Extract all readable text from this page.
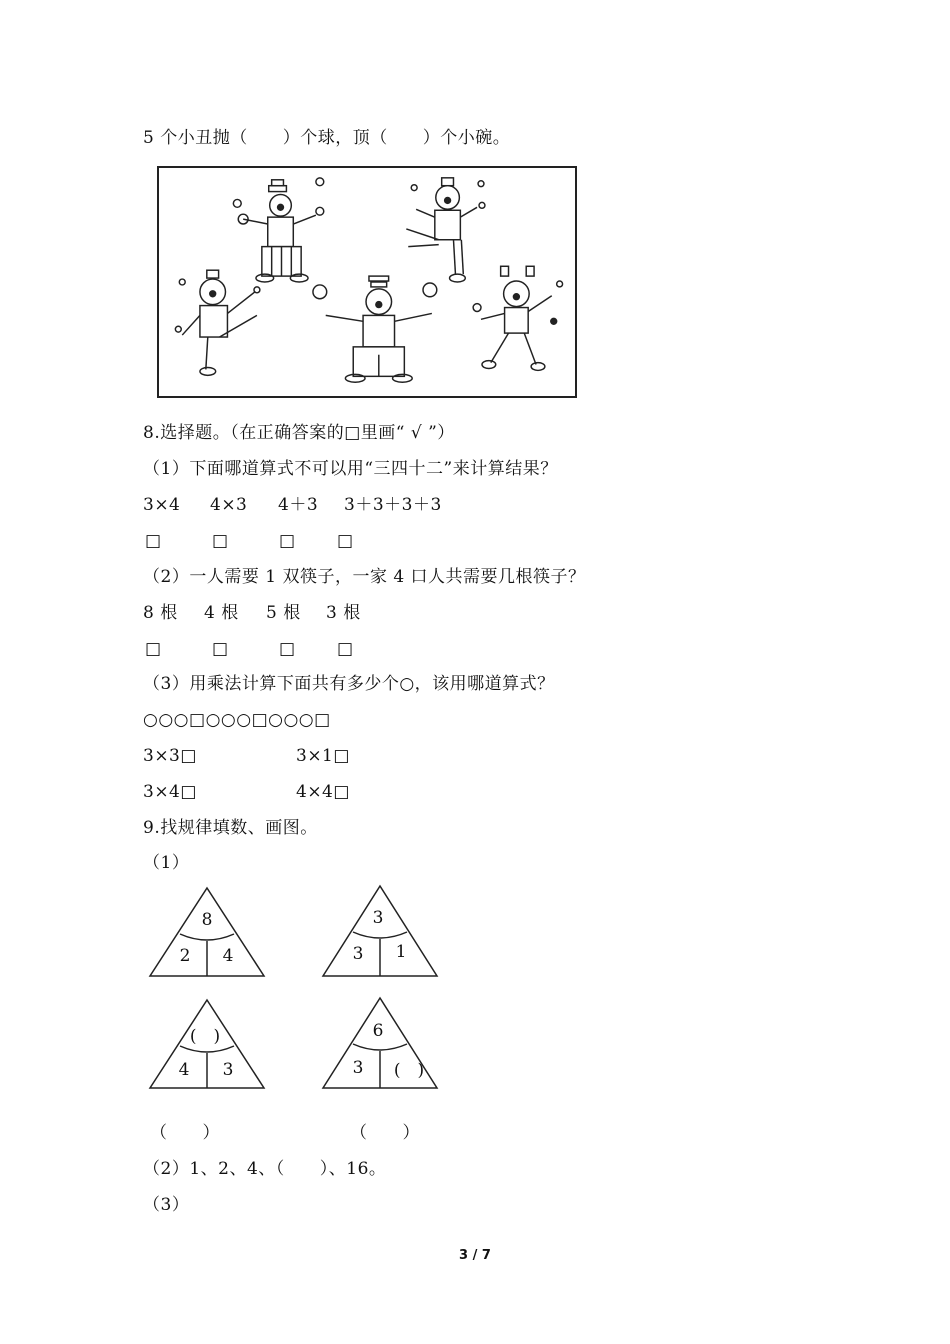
5 个小丑抛（　　）个球，顶（　　）个小碗。
8.选择题。（在正确答案的□里画“ √ ”）
（1）下面哪道算式不可以用“三四十二”来计算结果？
3×4 4×3 4＋3 3＋3＋3＋3
□	□	□ □
（2）一人需要 1 双筷子，一家 4 口人共需要几根筷子？
8 根 4 根 5 根 3 根
□	□	□ □
（3）用乘法计算下面共有多少个○，该用哪道算式？
○○○□○○○□○○○□
3×3□	3×1□
3×4□	4×4□
9.找规律填数、画图。
（1）
8
2 4
3
3 1
(　)
4 3
6
3 (　)
（　　）	（　　）
（2）1、2、4、（　　）、16。
（3）
3 / 7
